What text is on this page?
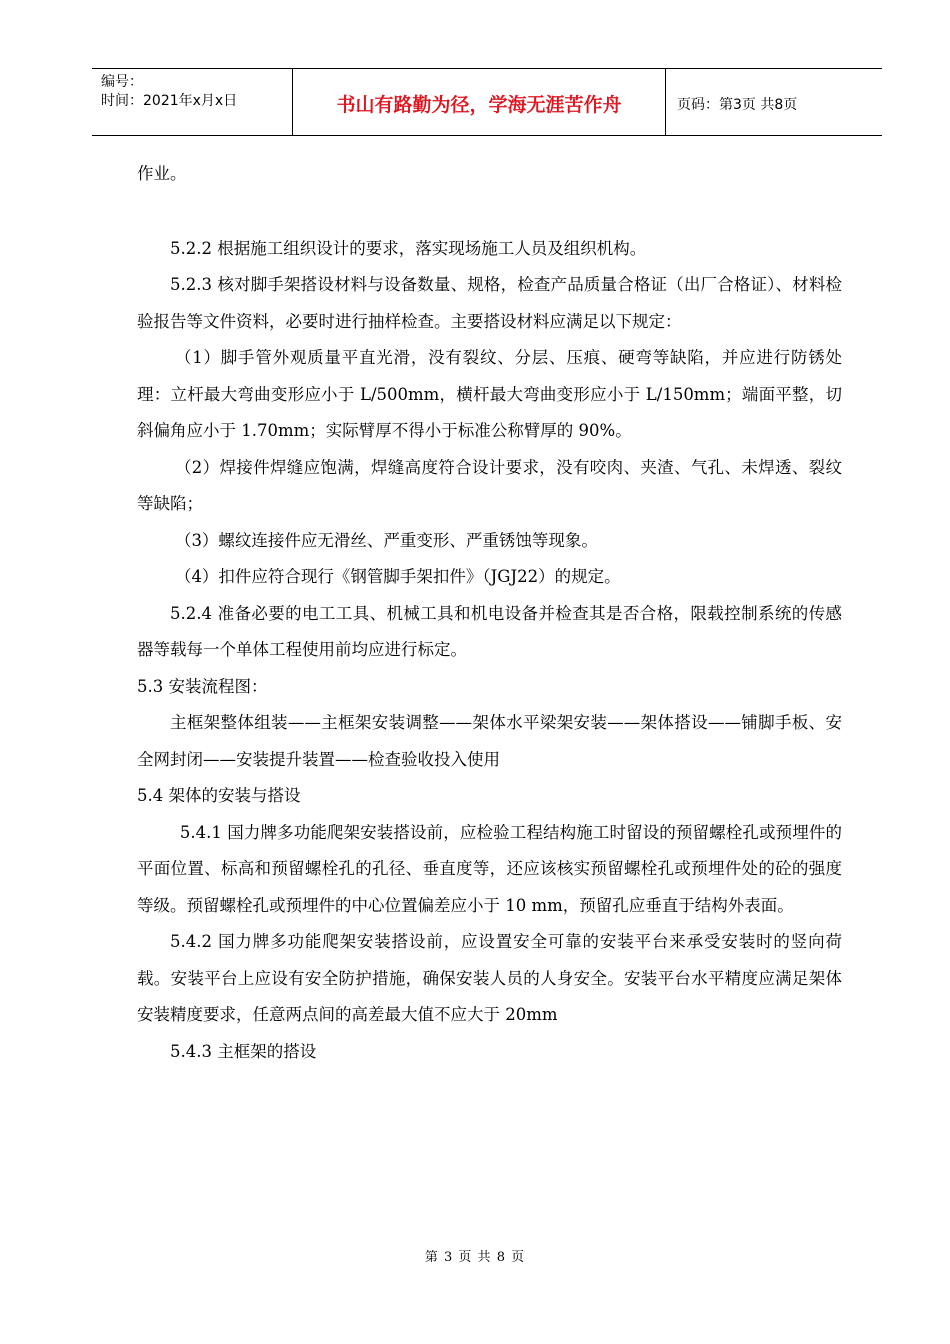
编号：
时间：2021年x月x日	书山有路勤为径，学海无涯苦作舟	页码：第3页 共8页

作业。

5.2.2 根据施工组织设计的要求，落实现场施工人员及组织机构。

5.2.3 核对脚手架搭设材料与设备数量、规格，检查产品质量合格证（出厂合格证）、材料检验报告等文件资料，必要时进行抽样检查。主要搭设材料应满足以下规定：

（1）脚手管外观质量平直光滑，没有裂纹、分层、压痕、硬弯等缺陷，并应进行防锈处理：立杆最大弯曲变形应小于 L/500mm，横杆最大弯曲变形应小于 L/150mm；端面平整，切斜偏角应小于 1.70mm；实际臂厚不得小于标准公称臂厚的 90%。

（2）焊接件焊缝应饱满，焊缝高度符合设计要求，没有咬肉、夹渣、气孔、未焊透、裂纹等缺陷；

（3）螺纹连接件应无滑丝、严重变形、严重锈蚀等现象。

（4）扣件应符合现行《钢管脚手架扣件》（JGJ22）的规定。

5.2.4 准备必要的电工工具、机械工具和机电设备并检查其是否合格，限载控制系统的传感器等载每一个单体工程使用前均应进行标定。

5.3 安装流程图：

主框架整体组装——主框架安装调整——架体水平梁架安装——架体搭设——铺脚手板、安全网封闭——安装提升装置——检查验收投入使用

5.4 架体的安装与搭设

5.4.1 国力牌多功能爬架安装搭设前，应检验工程结构施工时留设的预留螺栓孔或预埋件的平面位置、标高和预留螺栓孔的孔径、垂直度等，还应该核实预留螺栓孔或预埋件处的砼的强度等级。预留螺栓孔或预埋件的中心位置偏差应小于 10 mm，预留孔应垂直于结构外表面。

5.4.2 国力牌多功能爬架安装搭设前，应设置安全可靠的安装平台来承受安装时的竖向荷载。安装平台上应设有安全防护措施，确保安装人员的人身安全。安装平台水平精度应满足架体安装精度要求，任意两点间的高差最大值不应大于 20mm

5.4.3 主框架的搭设

第 3 页 共 8 页
